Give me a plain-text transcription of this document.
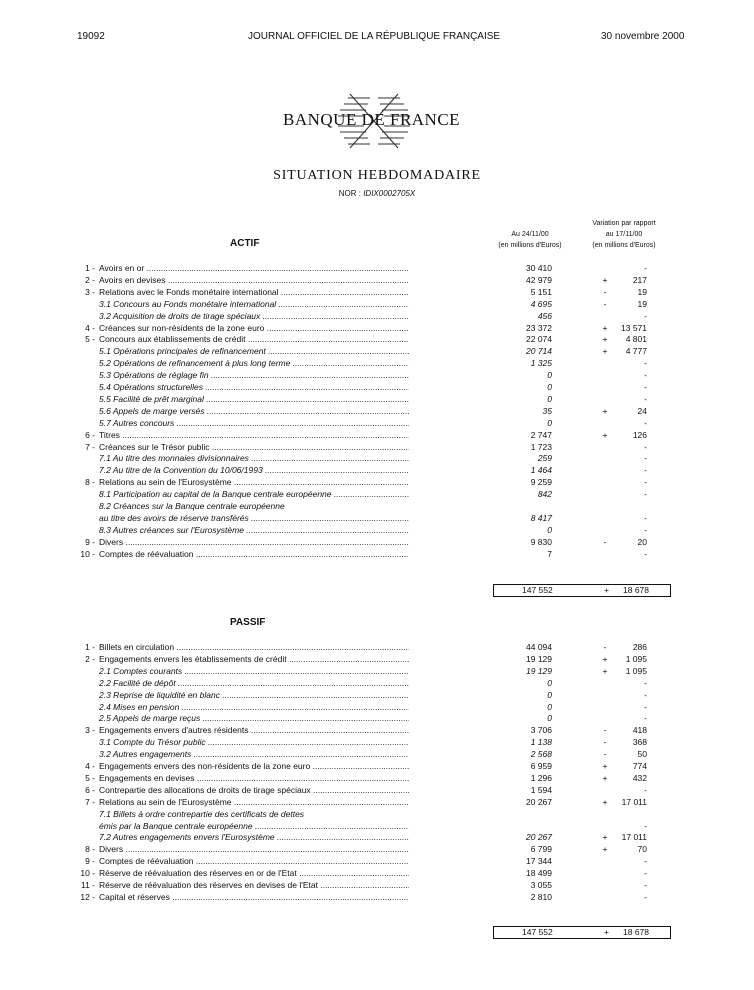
19092	JOURNAL OFFICIEL DE LA RÉPUBLIQUE FRANÇAISE	30 novembre 2000
BANQUE DE FRANCE
SITUATION HEBDOMADAIRE
NOR : IDIX0002705X
Au 24/11/00
(en millions d'Euros)
Variation par rapport
au 17/11/00
(en millions d'Euros)
ACTIF
1 - Avoirs en or .....	30 410	-
2 - Avoirs en devises .....	42 979	+	217
3 - Relations avec le Fonds monétaire international .....	5 151	-	19
3.1 Concours au Fonds monétaire international .....	4 695	-	19
3.2 Acquisition de droits de tirage spéciaux .....	456	-
4 - Créances sur non-résidents de la zone euro .....	23 372	+	13 571
5 - Concours aux établissements de crédit .....	22 074	+	4 801
5.1 Opérations principales de refinancement .....	20 714	+	4 777
5.2 Opérations de refinancement à plus long terme .....	1 325	-
5.3 Opérations de réglage fin .....	0	-
5.4 Opérations structurelles .....	0	-
5.5 Facilité de prêt marginal .....	0	-
5.6 Appels de marge versés .....	35	+	24
5.7 Autres concours .....	0	-
6 - Titres .....	2 747	+	126
7 - Créances sur le Trésor public .....	1 723	-
7.1 Au titre des monnaies divisionnaires .....	259	-
7.2 Au titre de la Convention du 10/06/1993 .....	1 464	-
8 - Relations au sein de l'Eurosystème .....	9 259	-
8.1 Participation au capital de la Banque centrale européenne .....	842	-
8.2 Créances sur la Banque centrale européenne
au titre des avoirs de réserve transférés .....	8 417	-
8.3 Autres créances sur l'Eurosystème .....	0	-
9 - Divers .....	9 830	-	20
10 - Comptes de réévaluation .....	7	-
147 552	+ 18 678
PASSIF
1 - Billets en circulation .....	44 094	-	286
2 - Engagements envers les établissements de crédit .....	19 129	+	1 095
2.1 Comptes courants .....	19 129	+	1 095
2.2 Facilité de dépôt .....	0	-
2.3 Reprise de liquidité en blanc .....	0	-
2.4 Mises en pension .....	0	-
2.5 Appels de marge reçus .....	0	-
3 - Engagements envers d'autres résidents .....	3 706	-	418
3.1 Compte du Trésor public .....	1 138	-	368
3.2 Autres engagements .....	2 568	-	50
4 - Engagements envers des non-résidents de la zone euro .....	6 959	+	774
5 - Engagements en devises .....	1 296	+	432
6 - Contrepartie des allocations de droits de tirage spéciaux .....	1 594	-
7 - Relations au sein de l'Eurosystème .....	20 267	+	17 011
7.1 Billets à ordre contrepartie des certificats de dettes
émis par la Banque centrale européenne .....	-
7.2 Autres engagements envers l'Eurosystème .....	20 267	+	17 011
8 - Divers .....	6 799	+	70
9 - Comptes de réévaluation .....	17 344	-
10 - Réserve de réévaluation des réserves en or de l'Etat .....	18 499	-
11 - Réserve de réévaluation des réserves en devises de l'Etat .....	3 055	-
12 - Capital et réserves .....	2 810	-
147 552	+ 18 678
